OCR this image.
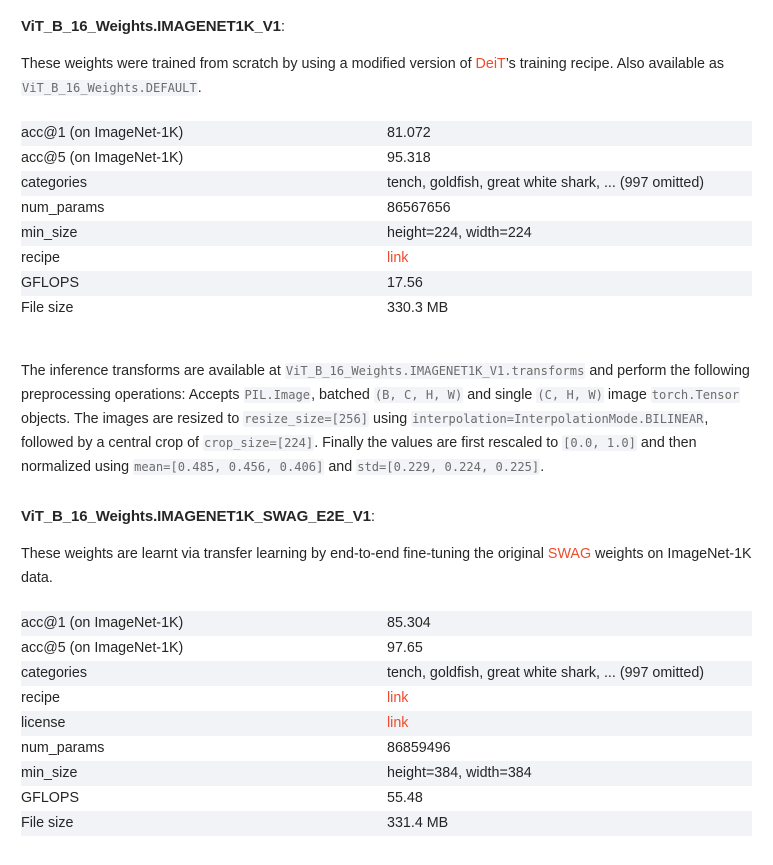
ViT_B_16_Weights.IMAGENET1K_V1:

These weights were trained from scratch by using a modified version of DeiT’s training recipe. Also available as ViT_B_16_Weights.DEFAULT.

acc@1 (on ImageNet-1K)	81.072
acc@5 (on ImageNet-1K)	95.318
categories	tench, goldfish, great white shark, ... (997 omitted)
num_params	86567656
min_size	height=224, width=224
recipe	link
GFLOPS	17.56
File size	330.3 MB

The inference transforms are available at ViT_B_16_Weights.IMAGENET1K_V1.transforms and perform the following preprocessing operations: Accepts PIL.Image, batched (B, C, H, W) and single (C, H, W) image torch.Tensor objects. The images are resized to resize_size=[256] using interpolation=InterpolationMode.BILINEAR, followed by a central crop of crop_size=[224]. Finally the values are first rescaled to [0.0, 1.0] and then normalized using mean=[0.485, 0.456, 0.406] and std=[0.229, 0.224, 0.225].

ViT_B_16_Weights.IMAGENET1K_SWAG_E2E_V1:

These weights are learnt via transfer learning by end-to-end fine-tuning the original SWAG weights on ImageNet-1K data.

acc@1 (on ImageNet-1K)	85.304
acc@5 (on ImageNet-1K)	97.65
categories	tench, goldfish, great white shark, ... (997 omitted)
recipe	link
license	link
num_params	86859496
min_size	height=384, width=384
GFLOPS	55.48
File size	331.4 MB
